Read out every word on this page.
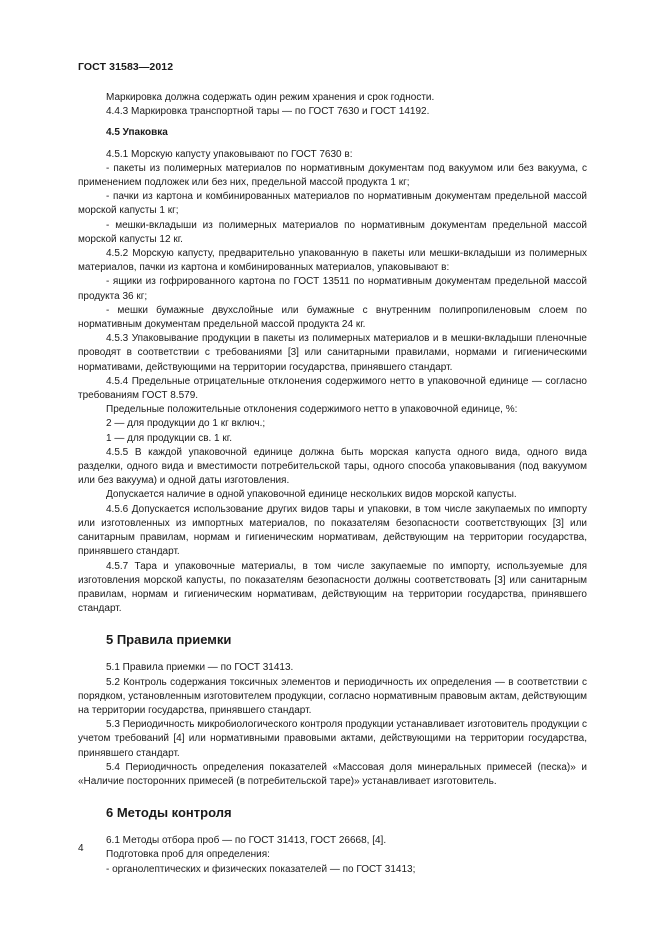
ГОСТ 31583—2012

Маркировка должна содержать один режим хранения и срок годности.

4.4.3 Маркировка транспортной тары — по ГОСТ 7630 и ГОСТ 14192.

4.5 Упаковка

4.5.1 Морскую капусту упаковывают по ГОСТ 7630 в:

- пакеты из полимерных материалов по нормативным документам под вакуумом или без вакуума, с применением подложек или без них, предельной массой продукта 1 кг;

- пачки из картона и комбинированных материалов по нормативным документам предельной массой морской капусты 1 кг;

- мешки-вкладыши из полимерных материалов по нормативным документам предельной массой морской капусты 12 кг.

4.5.2 Морскую капусту, предварительно упакованную в пакеты или мешки-вкладыши из полимерных материалов, пачки из картона и комбинированных материалов, упаковывают в:

- ящики из гофрированного картона по ГОСТ 13511 по нормативным документам предельной массой продукта 36 кг;

- мешки бумажные двухслойные или бумажные с внутренним полипропиленовым слоем по нормативным документам предельной массой продукта 24 кг.

4.5.3 Упаковывание продукции в пакеты из полимерных материалов и в мешки-вкладыши пленочные проводят в соответствии с требованиями [3] или санитарными правилами, нормами и гигиеническими нормативами, действующими на территории государства, принявшего стандарт.

4.5.4 Предельные отрицательные отклонения содержимого нетто в упаковочной единице — согласно требованиям ГОСТ 8.579.

Предельные положительные отклонения содержимого нетто в упаковочной единице, %:

2 — для продукции до 1 кг включ.;

1 — для продукции св. 1 кг.

4.5.5 В каждой упаковочной единице должна быть морская капуста одного вида, одного вида разделки, одного вида и вместимости потребительской тары, одного способа упаковывания (под вакуумом или без вакуума) и одной даты изготовления.

Допускается наличие в одной упаковочной единице нескольких видов морской капусты.

4.5.6 Допускается использование других видов тары и упаковки, в том числе закупаемых по импорту или изготовленных из импортных материалов, по показателям безопасности соответствующих [3] или санитарным правилам, нормам и гигиеническим нормативам, действующим на территории государства, принявшего стандарт.

4.5.7 Тара и упаковочные материалы, в том числе закупаемые по импорту, используемые для изготовления морской капусты, по показателям безопасности должны соответствовать [3] или санитарным правилам, нормам и гигиеническим нормативам, действующим на территории государства, принявшего стандарт.

5 Правила приемки

5.1 Правила приемки — по ГОСТ 31413.

5.2 Контроль содержания токсичных элементов и периодичность их определения — в соответствии с порядком, установленным изготовителем продукции, согласно нормативным правовым актам, действующим на территории государства, принявшего стандарт.

5.3 Периодичность микробиологического контроля продукции устанавливает изготовитель продукции с учетом требований [4] или нормативными правовыми актами, действующими на территории государства, принявшего стандарт.

5.4 Периодичность определения показателей «Массовая доля минеральных примесей (песка)» и

«Наличие посторонних примесей (в потребительской таре)» устанавливает изготовитель.

6 Методы контроля

6.1 Методы отбора проб — по ГОСТ 31413, ГОСТ 26668, [4].

Подготовка проб для определения:

- органолептических и физических показателей — по ГОСТ 31413;

4
